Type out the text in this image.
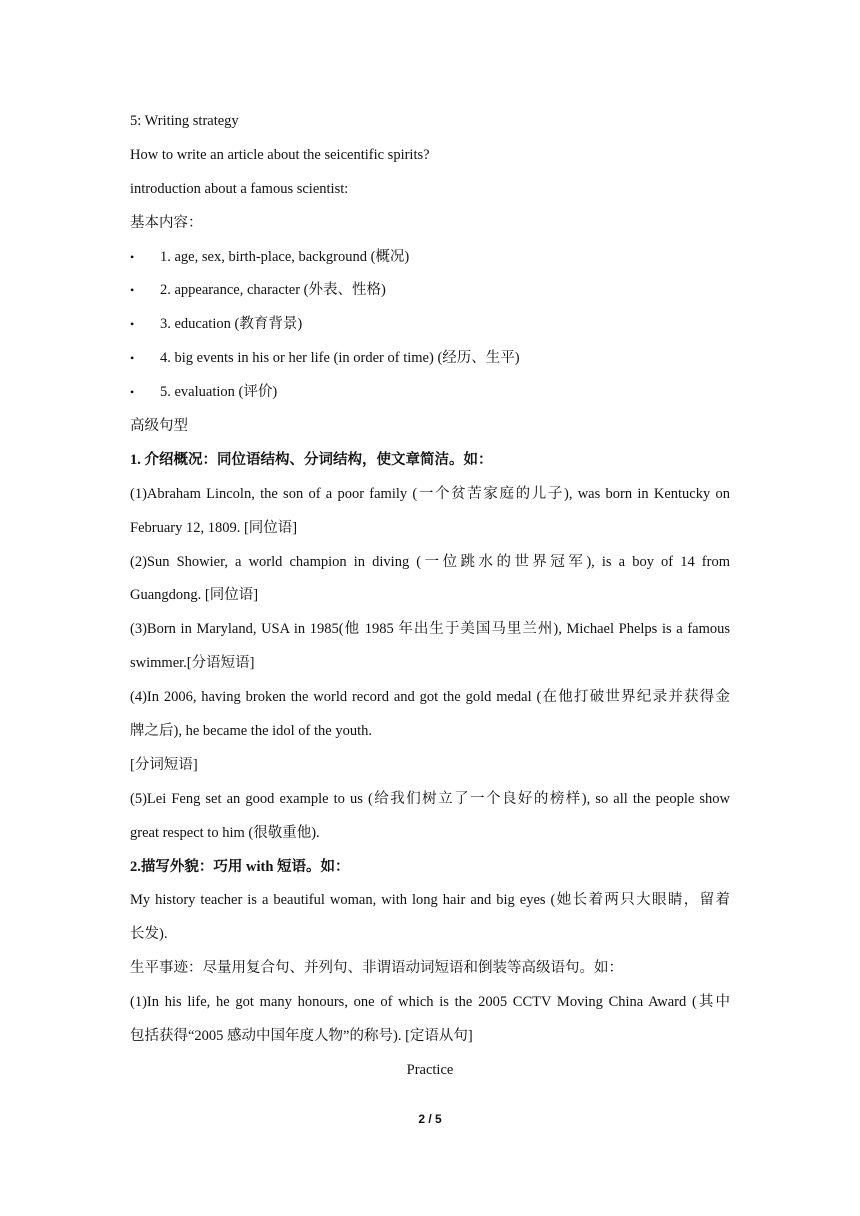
5: Writing strategy
How to write an article about the seicentific spirits?
introduction about a famous scientist:
基本内容：
• 1. age, sex, birth-place, background (概况)
• 2. appearance, character (外表、性格)
• 3. education (教育背景)
• 4. big events in his or her life (in order of time) (经历、生平)
• 5. evaluation (评价)
高级句型
1. 介绍概况：同位语结构、分词结构，使文章简洁。如：
(1)Abraham Lincoln, the son of a poor family (一个贫苦家庭的儿子), was born in Kentucky on
February 12, 1809. [同位语]
(2)Sun Showier, a world champion in diving (一位跳水的世界冠军), is a boy of 14 from
Guangdong. [同位语]
(3)Born in Maryland, USA in 1985(他 1985 年出生于美国马里兰州), Michael Phelps is a famous
swimmer.[分语短语]
(4)In 2006, having broken the world record and got the gold medal (在他打破世界纪录并获得金
牌之后), he became the idol of the youth.
[分词短语]
(5)Lei Feng set an good example to us (给我们树立了一个良好的榜样), so all the people show
great respect to him (很敬重他).
2.描写外貌：巧用 with 短语。如：
My history teacher is a beautiful woman, with long hair and big eyes (她长着两只大眼睛，留着
长发).
生平事迹：尽量用复合句、并列句、非谓语动词短语和倒装等高级语句。如：
(1)In his life, he got many honours, one of which is the 2005 CCTV Moving China Award (其中
包括获得“2005 感动中国年度人物”的称号). [定语从句]
Practice
2 / 5
